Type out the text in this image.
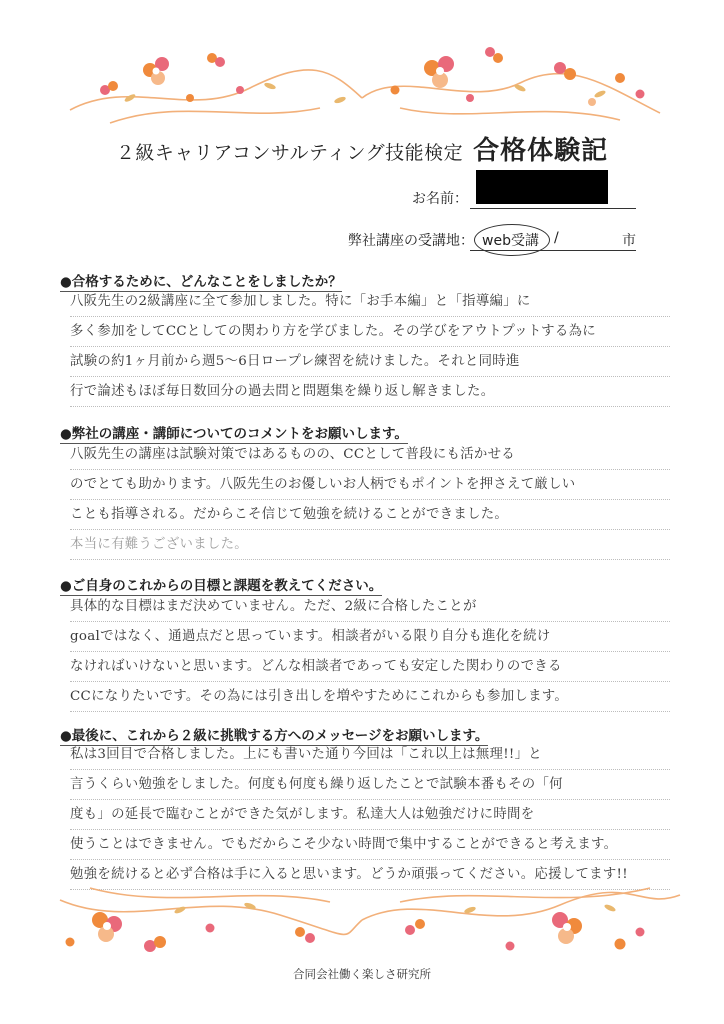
２級キャリアコンサルティング技能検定 合格体験記
お名前：
弊社講座の受講地： web受講 /	市
●合格するために、どんなことをしましたか？
八阪先生の2級講座に全て参加しました。特に「お手本編」と「指導編」に
多く参加をしてCCとしての関わり方を学びました。その学びをアウトプットする為に
試験の約1ヶ月前から週5～6日ロープレ練習を続けました。それと同時進
行で論述もほぼ毎日数回分の過去問と問題集を繰り返し解きました。
●弊社の講座・講師についてのコメントをお願いします。
八阪先生の講座は試験対策ではあるものの、CCとして普段にも活かせる
のでとても助かります。八阪先生のお優しいお人柄でもポイントを押さえて厳しい
ことも指導される。だからこそ信じて勉強を続けることができました。
本当に有難うございました。
●ご自身のこれからの目標と課題を教えてください。
具体的な目標はまだ決めていません。ただ、2級に合格したことが
goalではなく、通過点だと思っています。相談者がいる限り自分も進化を続け
なければいけないと思います。どんな相談者であっても安定した関わりのできる
CCになりたいです。その為には引き出しを増やすためにこれからも参加します。
●最後に、これから２級に挑戦する方へのメッセージをお願いします。
私は3回目で合格しました。上にも書いた通り今回は「これ以上は無理!!」と
言うくらい勉強をしました。何度も何度も繰り返したことで試験本番もその「何
度も」の延長で臨むことができた気がします。私達大人は勉強だけに時間を
使うことはできません。でもだからこそ少ない時間で集中することができると考えます。
勉強を続けると必ず合格は手に入ると思います。どうか頑張ってください。応援してます!!
合同会社働く楽しさ研究所
